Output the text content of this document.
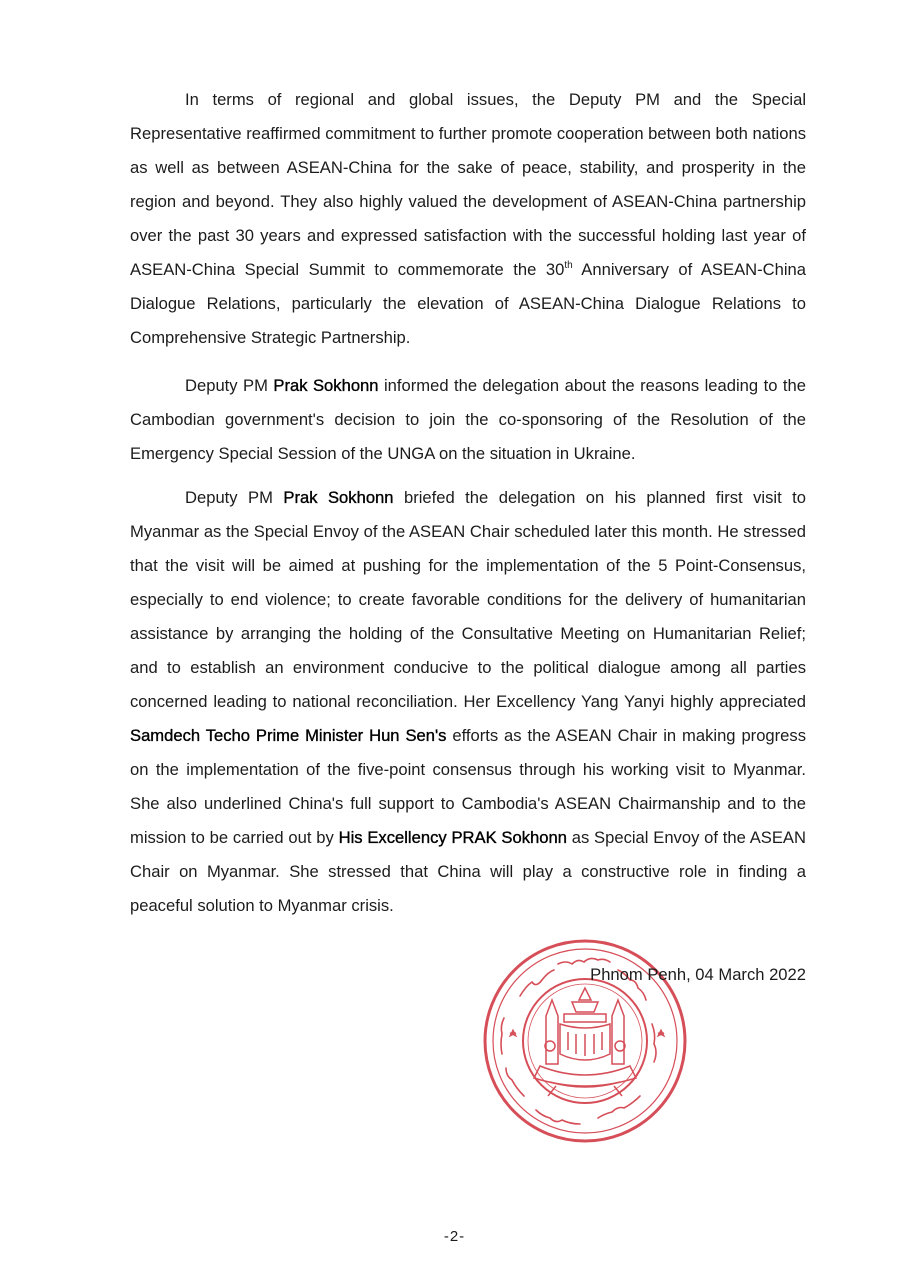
In terms of regional and global issues, the Deputy PM and the Special Representative reaffirmed commitment to further promote cooperation between both nations as well as between ASEAN-China for the sake of peace, stability, and prosperity in the region and beyond. They also highly valued the development of ASEAN-China partnership over the past 30 years and expressed satisfaction with the successful holding last year of ASEAN-China Special Summit to commemorate the 30th Anniversary of ASEAN-China Dialogue Relations, particularly the elevation of ASEAN-China Dialogue Relations to Comprehensive Strategic Partnership.

Deputy PM Prak Sokhonn informed the delegation about the reasons leading to the Cambodian government's decision to join the co-sponsoring of the Resolution of the Emergency Special Session of the UNGA on the situation in Ukraine.

Deputy PM Prak Sokhonn briefed the delegation on his planned first visit to Myanmar as the Special Envoy of the ASEAN Chair scheduled later this month. He stressed that the visit will be aimed at pushing for the implementation of the 5 Point-Consensus, especially to end violence; to create favorable conditions for the delivery of humanitarian assistance by arranging the holding of the Consultative Meeting on Humanitarian Relief; and to establish an environment conducive to the political dialogue among all parties concerned leading to national reconciliation. Her Excellency Yang Yanyi highly appreciated Samdech Techo Prime Minister Hun Sen's efforts as the ASEAN Chair in making progress on the implementation of the five-point consensus through his working visit to Myanmar. She also underlined China's full support to Cambodia's ASEAN Chairmanship and to the mission to be carried out by His Excellency PRAK Sokhonn as Special Envoy of the ASEAN Chair on Myanmar. She stressed that China will play a constructive role in finding a peaceful solution to Myanmar crisis.

Phnom Penh, 04 March 2022
-2-
